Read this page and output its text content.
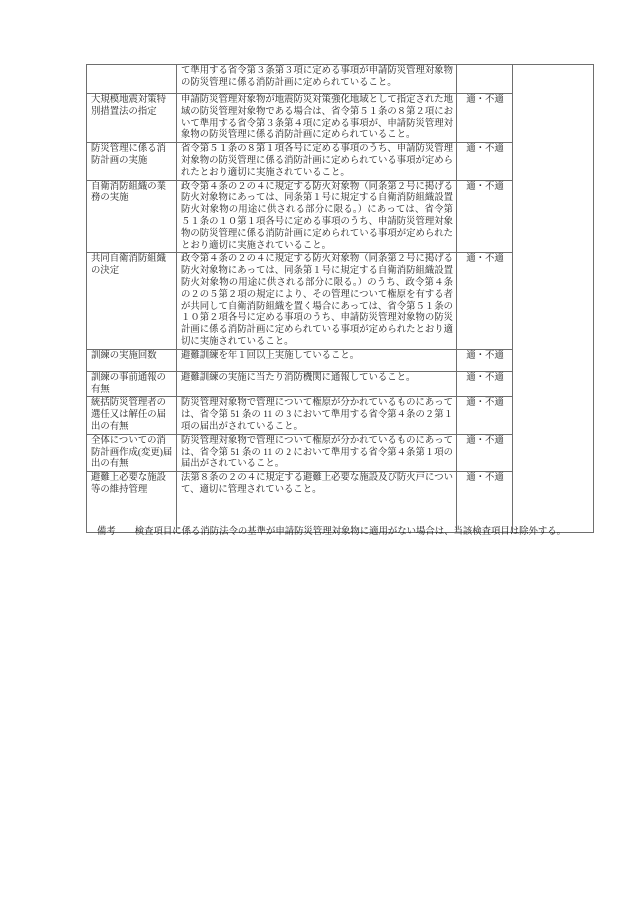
	て準用する省令第３条第３項に定める事項が申請防災管理対象物の防災管理に係る消防計画に定められていること。		
大規模地震対策特別措置法の指定	申請防災管理対象物が地震防災対策強化地域として指定された地域の防災管理対象物である場合は、省令第５１条の８第２項において準用する省令第３条第４項に定める事項が、申請防災管理対象物の防災管理に係る消防計画に定められていること。	適・不適	
防災管理に係る消防計画の実施	省令第５１条の８第１項各号に定める事項のうち、申請防災管理対象物の防災管理に係る消防計画に定められている事項が定められたとおり適切に実施されていること。	適・不適	
自衛消防組織の業務の実施	政令第４条の２の４に規定する防火対象物（同条第２号に掲げる防火対象物にあっては、同条第１号に規定する自衛消防組織設置防火対象物の用途に供される部分に限る。）にあっては、省令第５１条の１０第１項各号に定める事項のうち、申請防災管理対象物の防災管理に係る消防計画に定められている事項が定められたとおり適切に実施されていること。	適・不適	
共同自衛消防組織の決定	政令第４条の２の４に規定する防火対象物（同条第２号に掲げる防火対象物にあっては、同条第１号に規定する自衛消防組織設置防火対象物の用途に供される部分に限る。）のうち、政令第４条の２の５第２項の規定により、その管理について権原を有する者が共同して自衛消防組織を置く場合にあっては、省令第５１条の１０第２項各号に定める事項のうち、申請防災管理対象物の防災計画に係る消防計画に定められている事項が定められたとおり適切に実施されていること。	適・不適	
訓練の実施回数	避難訓練を年１回以上実施していること。	適・不適	
訓練の事前通報の有無	避難訓練の実施に当たり消防機関に通報していること。	適・不適	
統括防災管理者の選任又は解任の届出の有無	防災管理対象物で管理について権原が分かれているものにあっては、省令第 51 条の 11 の 3 において準用する省令第４条の２第１項の届出がされていること。	適・不適	
全体についての消防計画作成(変更)届出の有無	防災管理対象物で管理について権原が分かれているものにあっては、省令第 51 条の 11 の 2 において準用する省令第４条第１項の届出がされていること。	適・不適	
避難上必要な施設等の維持管理	法第８条の２の４に規定する避難上必要な施設及び防火戸について、適切に管理されていること。	適・不適	
備考 検査項目に係る消防法令の基準が申請防災管理対象物に適用がない場合は、当該検査項目は除外する。
